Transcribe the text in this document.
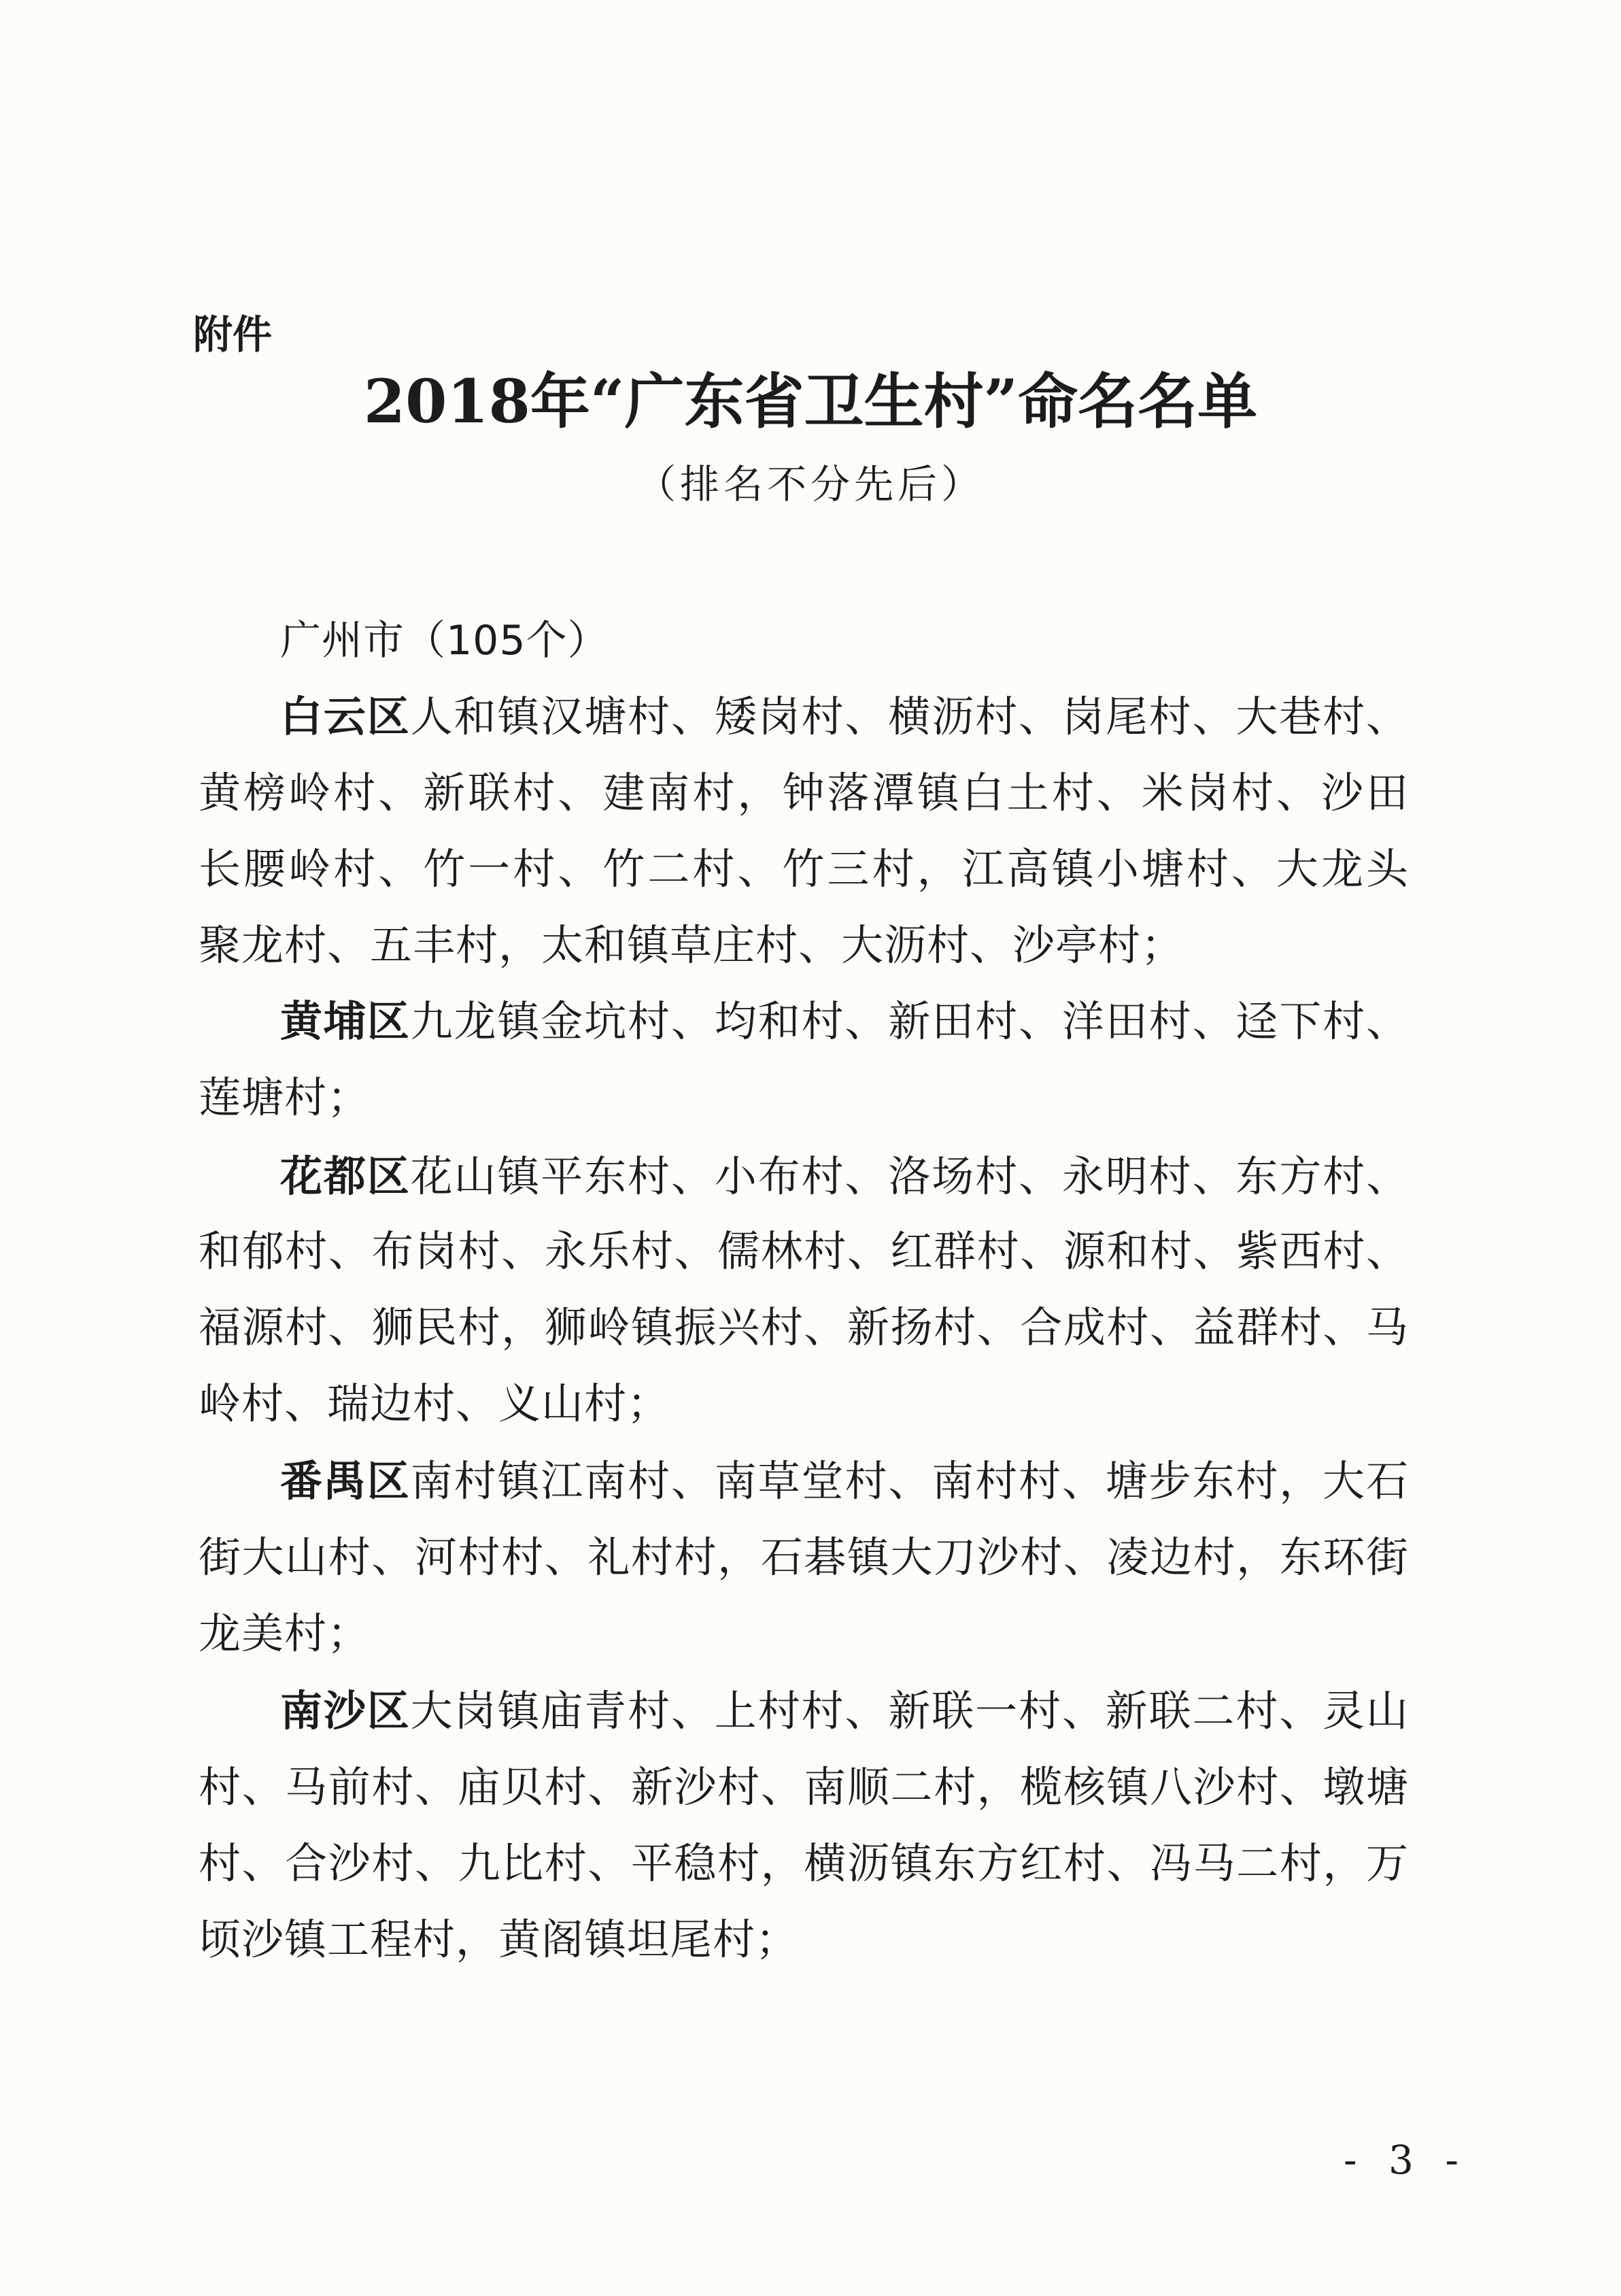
附件
2018年“广东省卫生村”命名名单
（排名不分先后）
广州市（105个）
白云区人和镇汉塘村、矮岗村、横沥村、岗尾村、大巷村、
黄榜岭村、新联村、建南村，钟落潭镇白土村、米岗村、沙田
长腰岭村、竹一村、竹二村、竹三村，江高镇小塘村、大龙头
聚龙村、五丰村，太和镇草庄村、大沥村、沙亭村；
黄埔区九龙镇金坑村、均和村、新田村、洋田村、迳下村、
莲塘村；
花都区花山镇平东村、小布村、洛场村、永明村、东方村、
和郁村、布岗村、永乐村、儒林村、红群村、源和村、紫西村、
福源村、狮民村，狮岭镇振兴村、新扬村、合成村、益群村、马
岭村、瑞边村、义山村；
番禺区南村镇江南村、南草堂村、南村村、塘步东村，大石
街大山村、河村村、礼村村，石碁镇大刀沙村、凌边村，东环街
龙美村；
南沙区大岗镇庙青村、上村村、新联一村、新联二村、灵山
村、马前村、庙贝村、新沙村、南顺二村，榄核镇八沙村、墩塘
村、合沙村、九比村、平稳村，横沥镇东方红村、冯马二村，万
顷沙镇工程村，黄阁镇坦尾村；
- 3 -
